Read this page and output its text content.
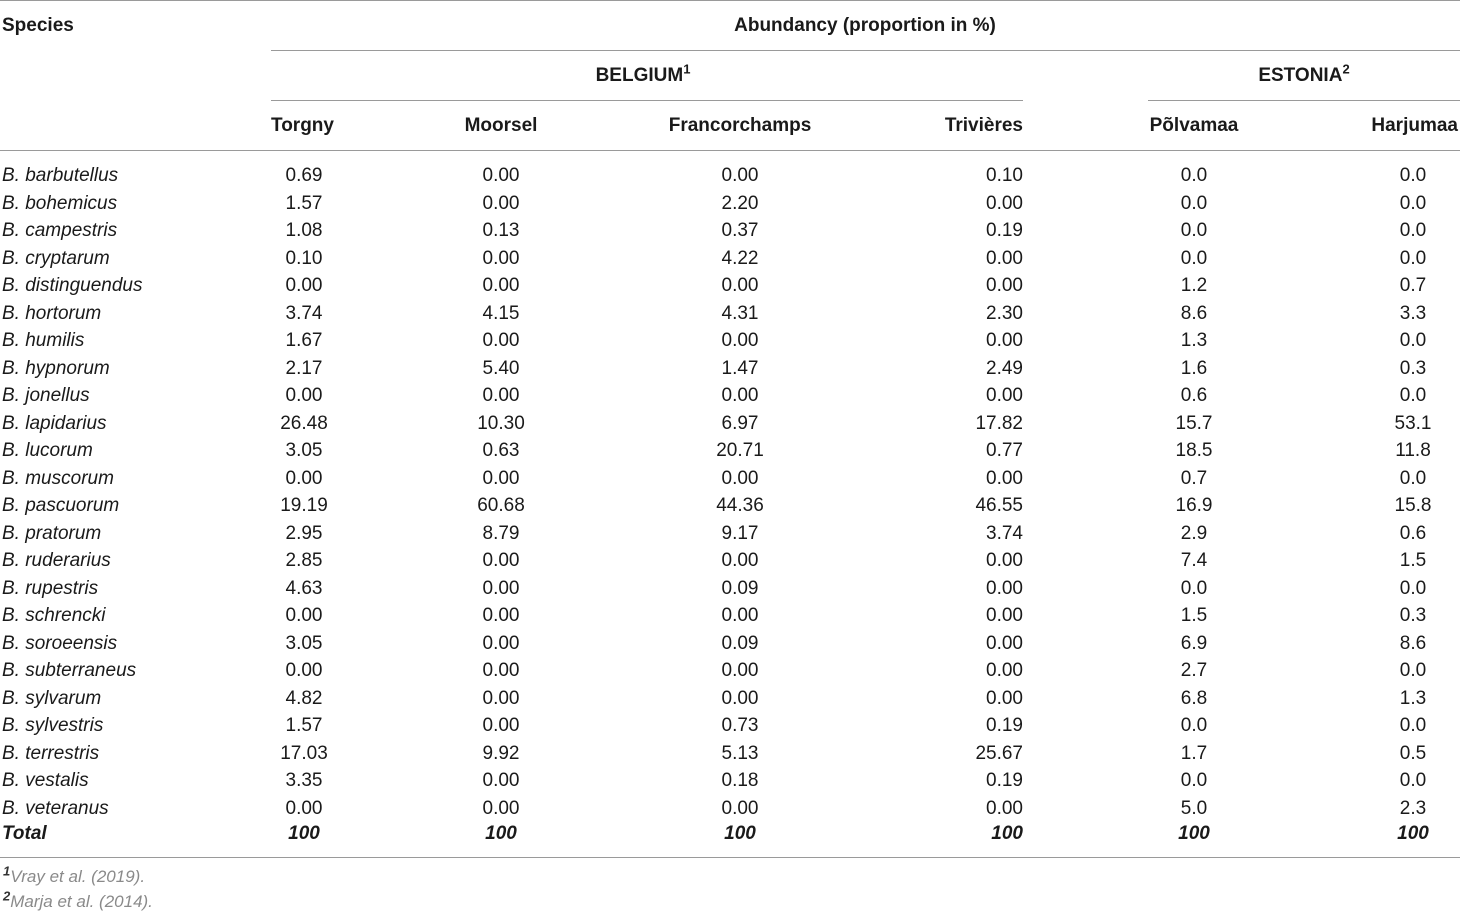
Species	Abundancy (proportion in %)
BELGIUM$^1$	ESTONIA$^2$
Torgny	Moorsel	Francorchamps	Trivières	Põlvamaa	Harjumaa
B. barbutellus	0.69	0.00	0.00	0.10	0.0	0.0
B. bohemicus	1.57	0.00	2.20	0.00	0.0	0.0
B. campestris	1.08	0.13	0.37	0.19	0.0	0.0
B. cryptarum	0.10	0.00	4.22	0.00	0.0	0.0
B. distinguendus	0.00	0.00	0.00	0.00	1.2	0.7
B. hortorum	3.74	4.15	4.31	2.30	8.6	3.3
B. humilis	1.67	0.00	0.00	0.00	1.3	0.0
B. hypnorum	2.17	5.40	1.47	2.49	1.6	0.3
B. jonellus	0.00	0.00	0.00	0.00	0.6	0.0
B. lapidarius	26.48	10.30	6.97	17.82	15.7	53.1
B. lucorum	3.05	0.63	20.71	0.77	18.5	11.8
B. muscorum	0.00	0.00	0.00	0.00	0.7	0.0
B. pascuorum	19.19	60.68	44.36	46.55	16.9	15.8
B. pratorum	2.95	8.79	9.17	3.74	2.9	0.6
B. ruderarius	2.85	0.00	0.00	0.00	7.4	1.5
B. rupestris	4.63	0.00	0.09	0.00	0.0	0.0
B. schrencki	0.00	0.00	0.00	0.00	1.5	0.3
B. soroeensis	3.05	0.00	0.09	0.00	6.9	8.6
B. subterraneus	0.00	0.00	0.00	0.00	2.7	0.0
B. sylvarum	4.82	0.00	0.00	0.00	6.8	1.3
B. sylvestris	1.57	0.00	0.73	0.19	0.0	0.0
B. terrestris	17.03	9.92	5.13	25.67	1.7	0.5
B. vestalis	3.35	0.00	0.18	0.19	0.0	0.0
B. veteranus	0.00	0.00	0.00	0.00	5.0	2.3
Total	100	100	100	100	100	100
$^1$Vray et al. (2019).
$^2$Marja et al. (2014).
